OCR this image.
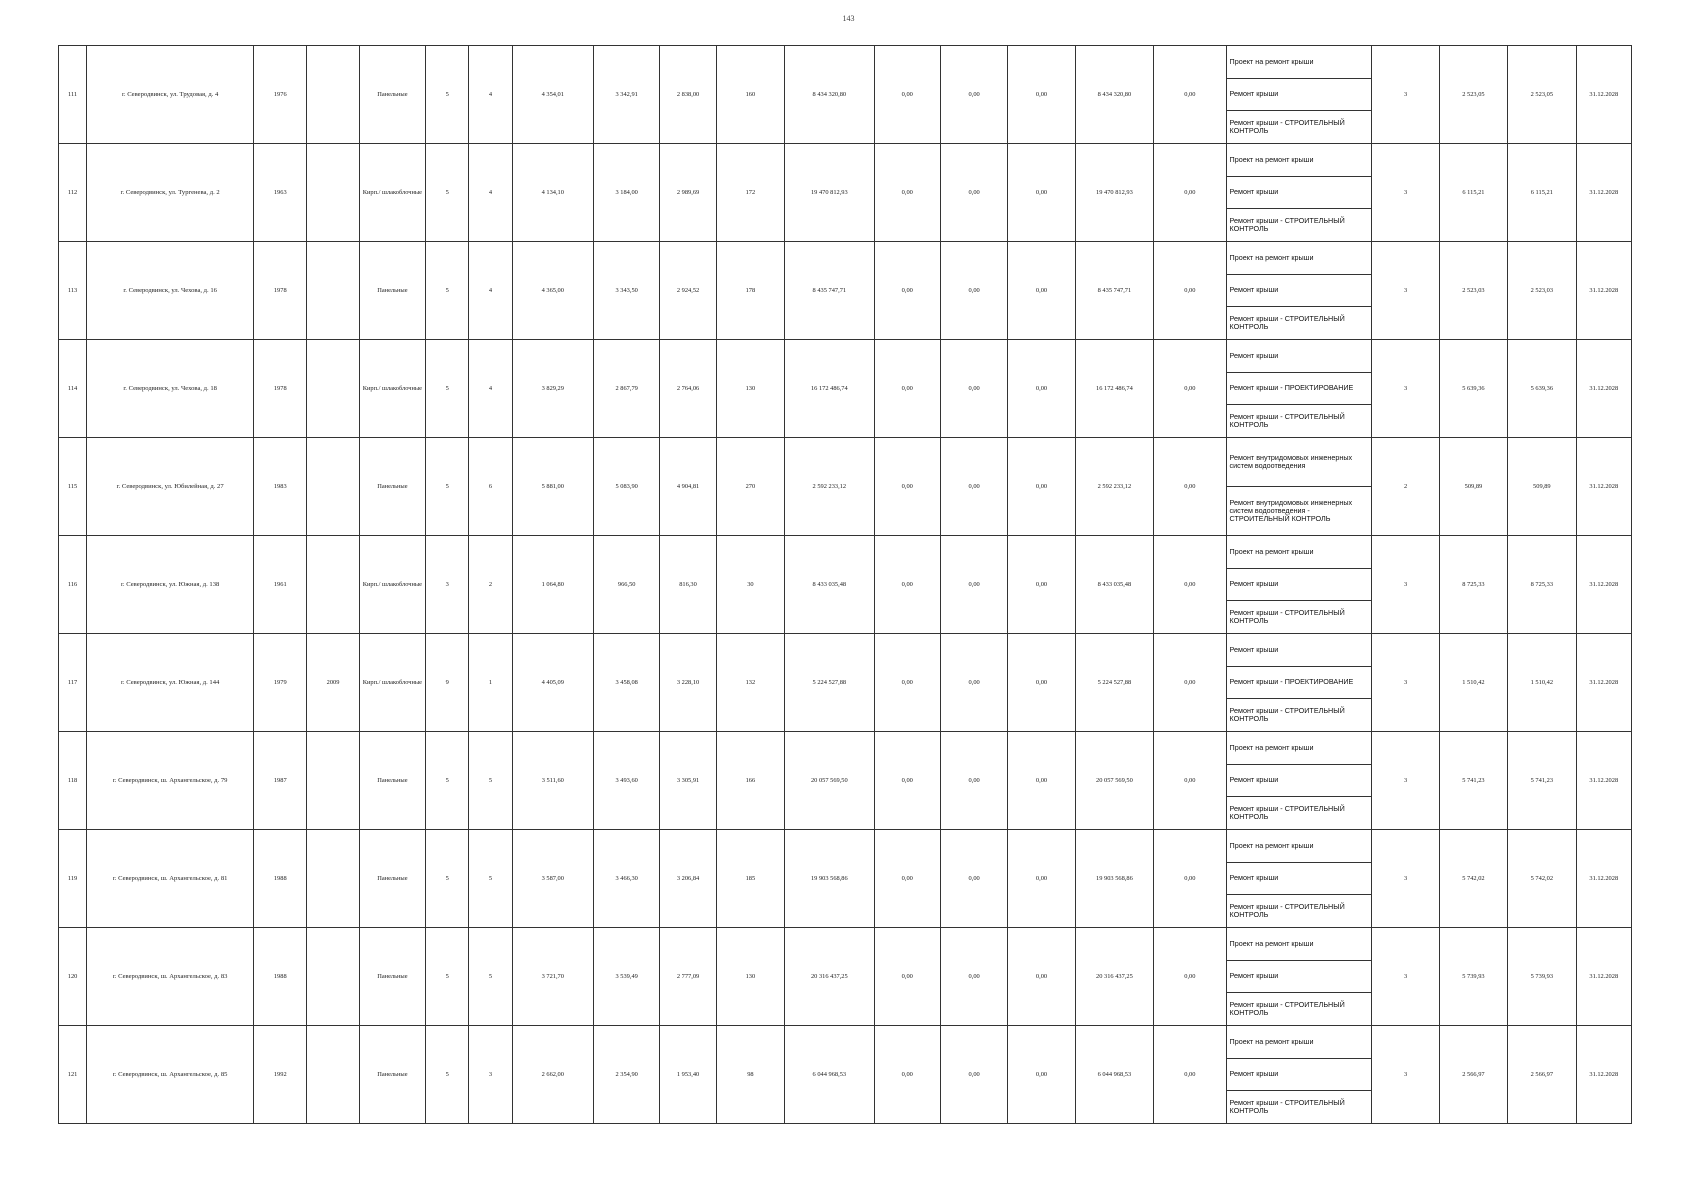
143
111	г. Северодвинск, ул. Трудовая, д. 4	1976		Панельные	5	4	4 354,01	3 342,91	2 838,00	160	8 434 320,80	0,00	0,00	0,00	8 434 320,80	0,00	Проект на ремонт крыши
Ремонт крыши
Ремонт крыши - СТРОИТЕЛЬНЫЙ КОНТРОЛЬ	3	2 523,05	2 523,05	31.12.2028
112	г. Северодвинск, ул. Тургенева, д. 2	1963		Кирп./ шлакоблочные	5	4	4 134,10	3 184,00	2 989,69	172	19 470 812,93	0,00	0,00	0,00	19 470 812,93	0,00	Проект на ремонт крыши
Ремонт крыши
Ремонт крыши - СТРОИТЕЛЬНЫЙ КОНТРОЛЬ	3	6 115,21	6 115,21	31.12.2028
113	г. Северодвинск, ул. Чехова, д. 16	1978		Панельные	5	4	4 365,00	3 343,50	2 924,52	178	8 435 747,71	0,00	0,00	0,00	8 435 747,71	0,00	Проект на ремонт крыши
Ремонт крыши
Ремонт крыши - СТРОИТЕЛЬНЫЙ КОНТРОЛЬ	3	2 523,03	2 523,03	31.12.2028
114	г. Северодвинск, ул. Чехова, д. 18	1978		Кирп./ шлакоблочные	5	4	3 829,29	2 867,79	2 764,06	130	16 172 486,74	0,00	0,00	0,00	16 172 486,74	0,00	Ремонт крыши
Ремонт крыши - ПРОЕКТИРОВАНИЕ
Ремонт крыши - СТРОИТЕЛЬНЫЙ КОНТРОЛЬ	3	5 639,36	5 639,36	31.12.2028
115	г. Северодвинск, ул. Юбилейная, д. 27	1983		Панельные	5	6	5 881,00	5 083,90	4 904,81	270	2 592 233,12	0,00	0,00	0,00	2 592 233,12	0,00	Ремонт внутридомовых инженерных систем водоотведения
Ремонт внутридомовых инженерных систем водоотведения - СТРОИТЕЛЬНЫЙ КОНТРОЛЬ	2	509,89	509,89	31.12.2028
116	г. Северодвинск, ул. Южная, д. 138	1961		Кирп./ шлакоблочные	3	2	1 064,80	966,50	816,30	30	8 433 035,48	0,00	0,00	0,00	8 433 035,48	0,00	Проект на ремонт крыши
Ремонт крыши
Ремонт крыши - СТРОИТЕЛЬНЫЙ КОНТРОЛЬ	3	8 725,33	8 725,33	31.12.2028
117	г. Северодвинск, ул. Южная, д. 144	1979	2009	Кирп./ шлакоблочные	9	1	4 405,09	3 458,08	3 228,10	132	5 224 527,88	0,00	0,00	0,00	5 224 527,88	0,00	Ремонт крыши
Ремонт крыши - ПРОЕКТИРОВАНИЕ
Ремонт крыши - СТРОИТЕЛЬНЫЙ КОНТРОЛЬ	3	1 510,42	1 510,42	31.12.2028
118	г. Северодвинск, ш. Архангельское, д. 79	1987		Панельные	5	5	3 511,60	3 493,60	3 305,91	166	20 057 569,50	0,00	0,00	0,00	20 057 569,50	0,00	Проект на ремонт крыши
Ремонт крыши
Ремонт крыши - СТРОИТЕЛЬНЫЙ КОНТРОЛЬ	3	5 741,23	5 741,23	31.12.2028
119	г. Северодвинск, ш. Архангельское, д. 81	1988		Панельные	5	5	3 587,00	3 466,30	3 206,84	185	19 903 568,86	0,00	0,00	0,00	19 903 568,86	0,00	Проект на ремонт крыши
Ремонт крыши
Ремонт крыши - СТРОИТЕЛЬНЫЙ КОНТРОЛЬ	3	5 742,02	5 742,02	31.12.2028
120	г. Северодвинск, ш. Архангельское, д. 83	1988		Панельные	5	5	3 721,70	3 539,49	2 777,09	130	20 316 437,25	0,00	0,00	0,00	20 316 437,25	0,00	Проект на ремонт крыши
Ремонт крыши
Ремонт крыши - СТРОИТЕЛЬНЫЙ КОНТРОЛЬ	3	5 739,93	5 739,93	31.12.2028
121	г. Северодвинск, ш. Архангельское, д. 85	1992		Панельные	5	3	2 662,00	2 354,90	1 953,40	98	6 044 968,53	0,00	0,00	0,00	6 044 968,53	0,00	Проект на ремонт крыши
Ремонт крыши
Ремонт крыши - СТРОИТЕЛЬНЫЙ КОНТРОЛЬ	3	2 566,97	2 566,97	31.12.2028
